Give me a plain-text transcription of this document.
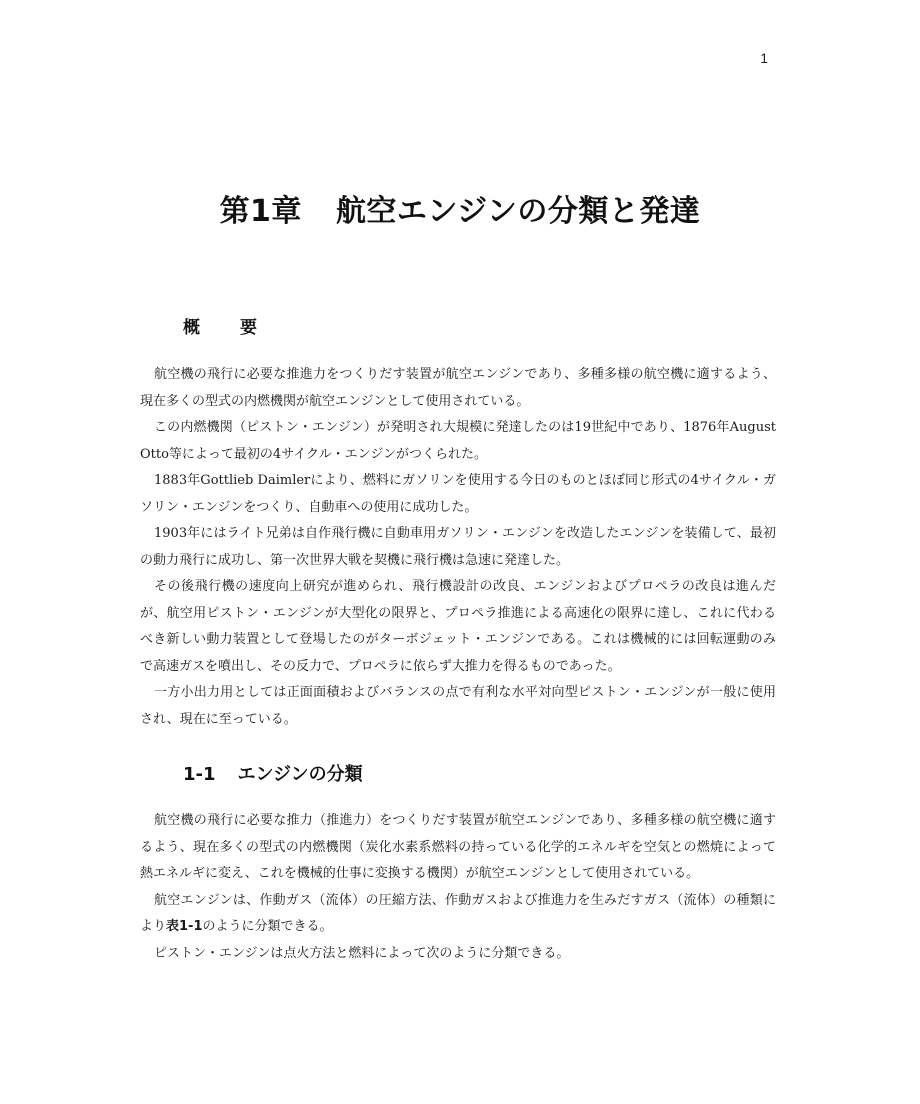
1
第1章 航空エンジンの分類と発達
概要

航空機の飛行に必要な推進力をつくりだす装置が航空エンジンであり、多種多様の航空機に適するよう、現在多くの型式の内燃機関が航空エンジンとして使用されている。

この内燃機関（ピストン・エンジン）が発明され大規模に発達したのは19世紀中であり、1876年August Otto等によって最初の4サイクル・エンジンがつくられた。

1883年Gottlieb Daimlerにより、燃料にガソリンを使用する今日のものとほぼ同じ形式の4サイクル・ガソリン・エンジンをつくり、自動車への使用に成功した。

1903年にはライト兄弟は自作飛行機に自動車用ガソリン・エンジンを改造したエンジンを装備して、最初の動力飛行に成功し、第一次世界大戦を契機に飛行機は急速に発達した。

その後飛行機の速度向上研究が進められ、飛行機設計の改良、エンジンおよびプロペラの改良は進んだが、航空用ピストン・エンジンが大型化の限界と、プロペラ推進による高速化の限界に達し、これに代わるべき新しい動力装置として登場したのがターボジェット・エンジンである。これは機械的には回転運動のみで高速ガスを噴出し、その反力で、プロペラに依らず大推力を得るものであった。

一方小出力用としては正面面積およびバランスの点で有利な水平対向型ピストン・エンジンが一般に使用され、現在に至っている。

1-1 エンジンの分類

航空機の飛行に必要な推力（推進力）をつくりだす装置が航空エンジンであり、多種多様の航空機に適するよう、現在多くの型式の内燃機関（炭化水素系燃料の持っている化学的エネルギを空気との燃焼によって熱エネルギに変え、これを機械的仕事に変換する機関）が航空エンジンとして使用されている。

航空エンジンは、作動ガス（流体）の圧縮方法、作動ガスおよび推進力を生みだすガス（流体）の種類により表1-1のように分類できる。

ピストン・エンジンは点火方法と燃料によって次のように分類できる。
